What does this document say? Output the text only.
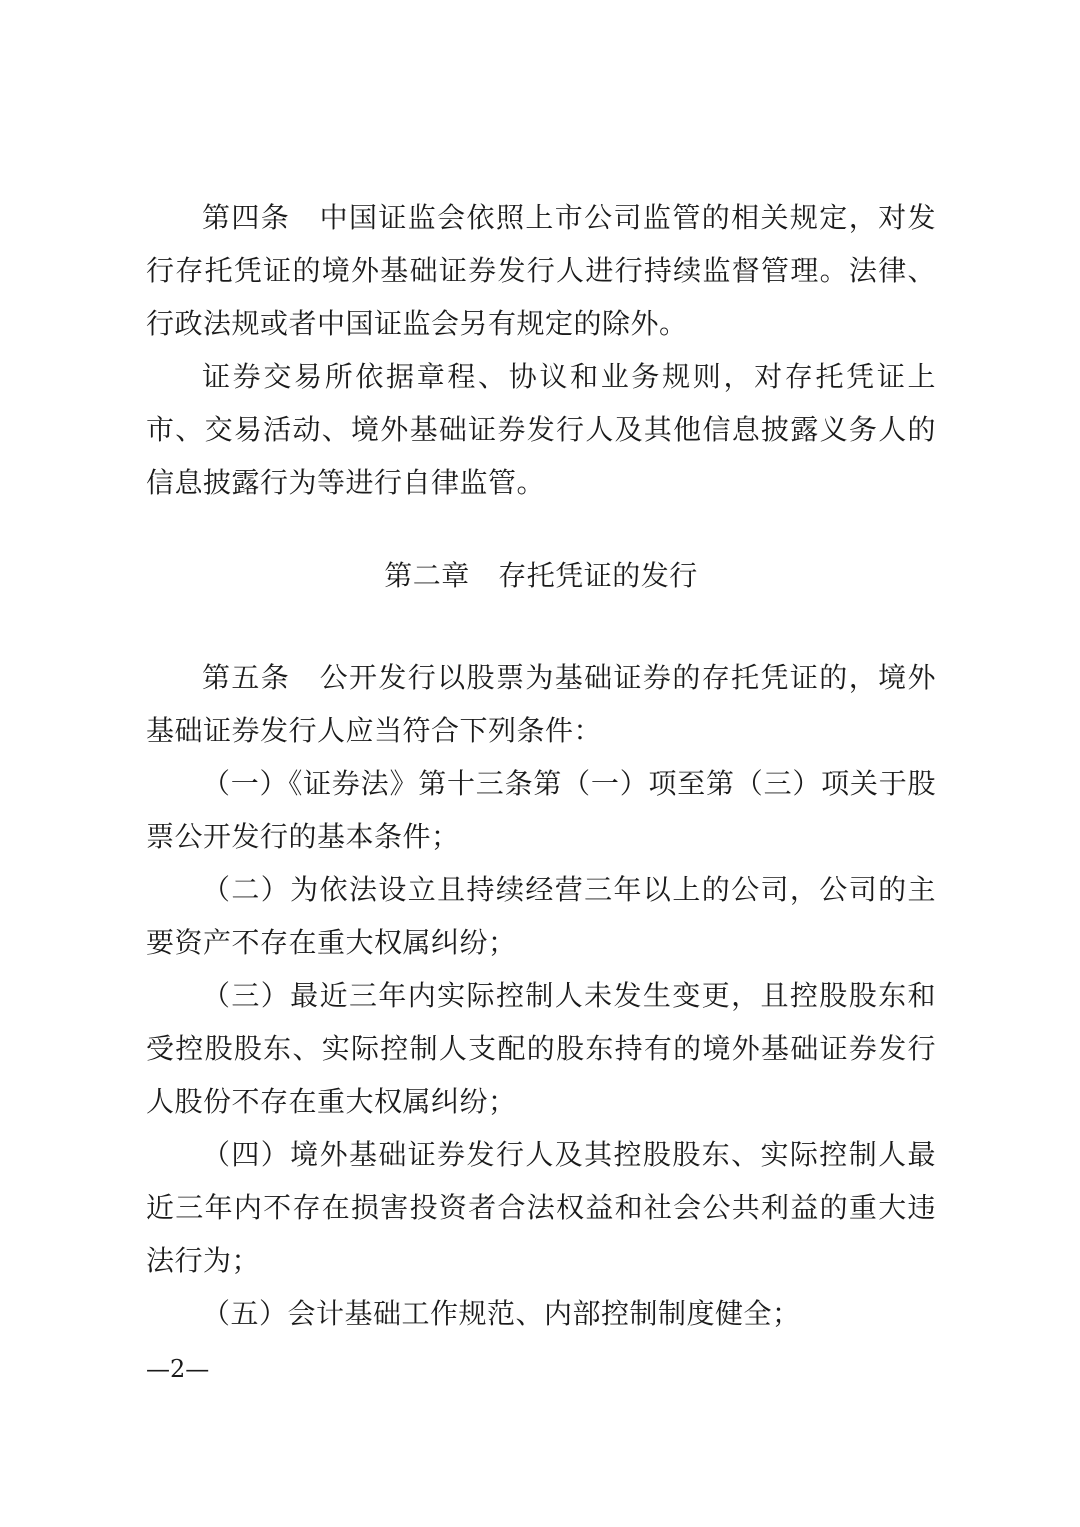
第四条　中国证监会依照上市公司监管的相关规定，对发行存托凭证的境外基础证券发行人进行持续监督管理。法律、行政法规或者中国证监会另有规定的除外。

证券交易所依据章程、协议和业务规则，对存托凭证上市、交易活动、境外基础证券发行人及其他信息披露义务人的信息披露行为等进行自律监管。

第二章　存托凭证的发行

第五条　公开发行以股票为基础证券的存托凭证的，境外基础证券发行人应当符合下列条件：

（一）《证券法》第十三条第（一）项至第（三）项关于股票公开发行的基本条件；

（二）为依法设立且持续经营三年以上的公司，公司的主要资产不存在重大权属纠纷；

（三）最近三年内实际控制人未发生变更，且控股股东和受控股股东、实际控制人支配的股东持有的境外基础证券发行人股份不存在重大权属纠纷；

（四）境外基础证券发行人及其控股股东、实际控制人最近三年内不存在损害投资者合法权益和社会公共利益的重大违法行为；

（五）会计基础工作规范、内部控制制度健全；

—2—
